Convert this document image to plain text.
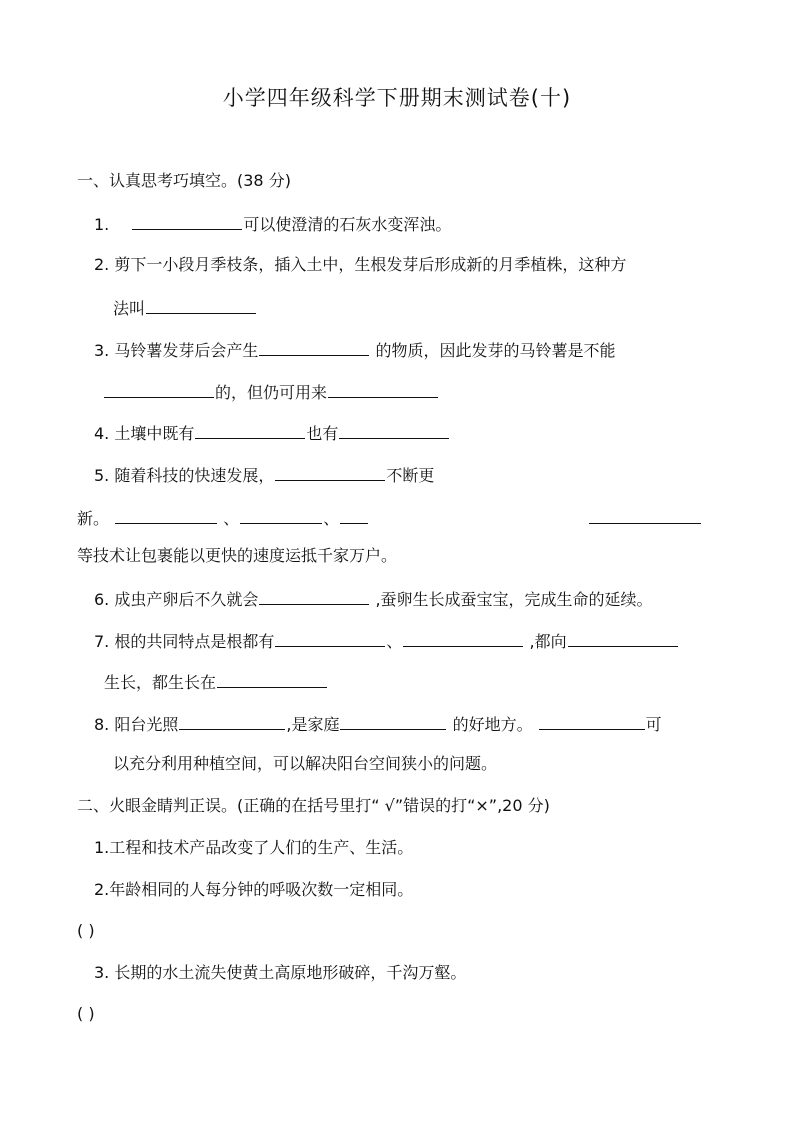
小学四年级科学下册期末测试卷(十)
一、认真思考巧填空。(38 分)
1.	可以使澄清的石灰水变浑浊。
2. 剪下一小段月季枝条，插入土中，生根发芽后形成新的月季植株，这种方
法叫
3. 马铃薯发芽后会产生	的物质，因此发芽的马铃薯是不能
的，但仍可用来
4. 土壤中既有	也有
5. 随着科技的快速发展，	不断更
新。	、	、
等技术让包裹能以更快的速度运抵千家万户。
6. 成虫产卵后不久就会	,蚕卵生长成蚕宝宝，完成生命的延续。
7. 根的共同特点是根都有	、	,都向
生长，都生长在
8. 阳台光照	,是家庭	的好地方。	可
以充分利用种植空间，可以解决阳台空间狭小的问题。
二、火眼金睛判正误。(正确的在括号里打“ √”错误的打“×”,20 分)
1.工程和技术产品改变了人们的生产、生活。
2.年龄相同的人每分钟的呼吸次数一定相同。
( )
3. 长期的水土流失使黄土高原地形破碎，千沟万壑。
( )
